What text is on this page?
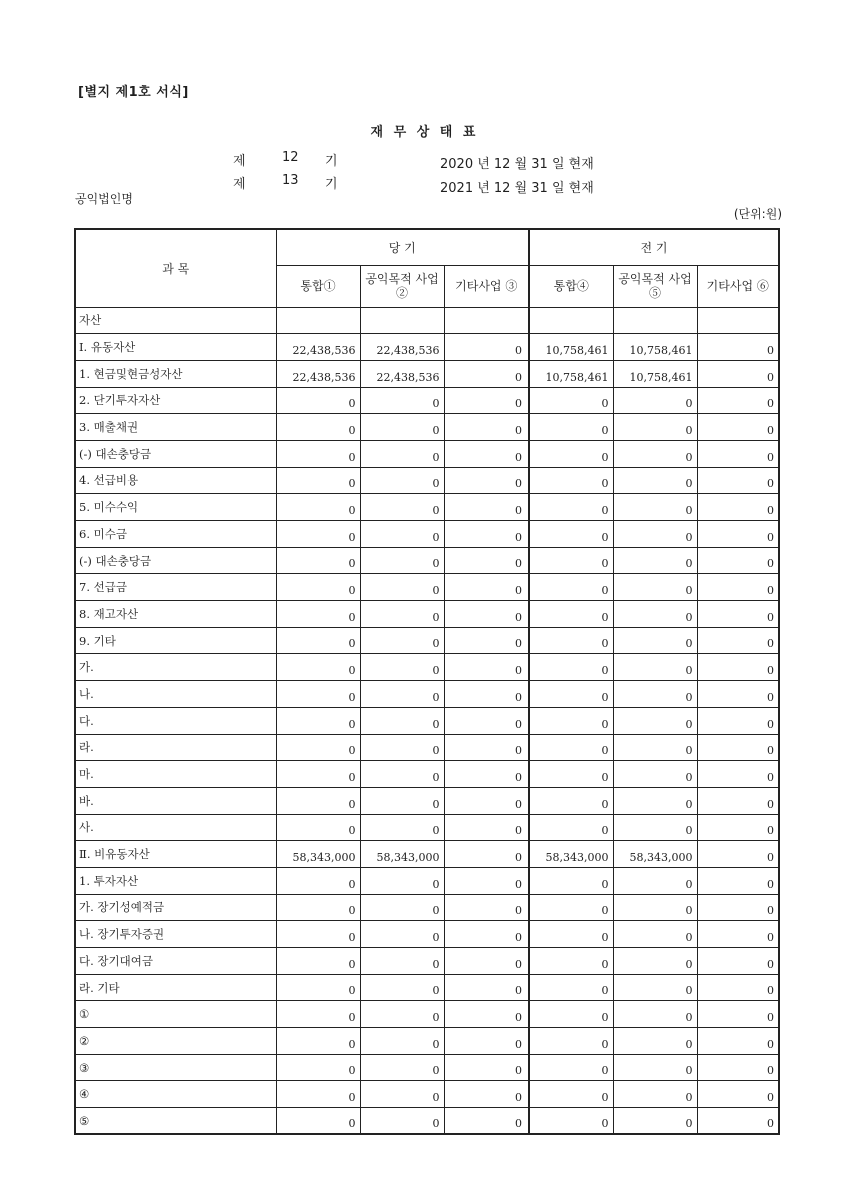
[별지 제1호 서식]
재 무 상 태 표
제	12 기	2020 년 12 월 31 일 현재
제	13 기	2021 년 12 월 31 일 현재
공익법인명
(단위:원)
과 목	당 기			전 기		
	통합①	공익목적 사업②	기타사업 ③	통합④	공익목적 사업⑤	기타사업 ⑥
자산						
Ⅰ. 유동자산	22,438,536	22,438,536	0	10,758,461	10,758,461	0
1. 현금및현금성자산	22,438,536	22,438,536	0	10,758,461	10,758,461	0
2. 단기투자자산	0	0	0	0	0	0
3. 매출채권	0	0	0	0	0	0
(-) 대손충당금	0	0	0	0	0	0
4. 선급비용	0	0	0	0	0	0
5. 미수수익	0	0	0	0	0	0
6. 미수금	0	0	0	0	0	0
(-) 대손충당금	0	0	0	0	0	0
7. 선급금	0	0	0	0	0	0
8. 재고자산	0	0	0	0	0	0
9. 기타	0	0	0	0	0	0
가.	0	0	0	0	0	0
나.	0	0	0	0	0	0
다.	0	0	0	0	0	0
라.	0	0	0	0	0	0
마.	0	0	0	0	0	0
바.	0	0	0	0	0	0
사.	0	0	0	0	0	0
Ⅱ. 비유동자산	58,343,000	58,343,000	0	58,343,000	58,343,000	0
1. 투자자산	0	0	0	0	0	0
가. 장기성예적금	0	0	0	0	0	0
나. 장기투자증권	0	0	0	0	0	0
다. 장기대여금	0	0	0	0	0	0
라. 기타	0	0	0	0	0	0
①	0	0	0	0	0	0
②	0	0	0	0	0	0
③	0	0	0	0	0	0
④	0	0	0	0	0	0
⑤	0	0	0	0	0	0
